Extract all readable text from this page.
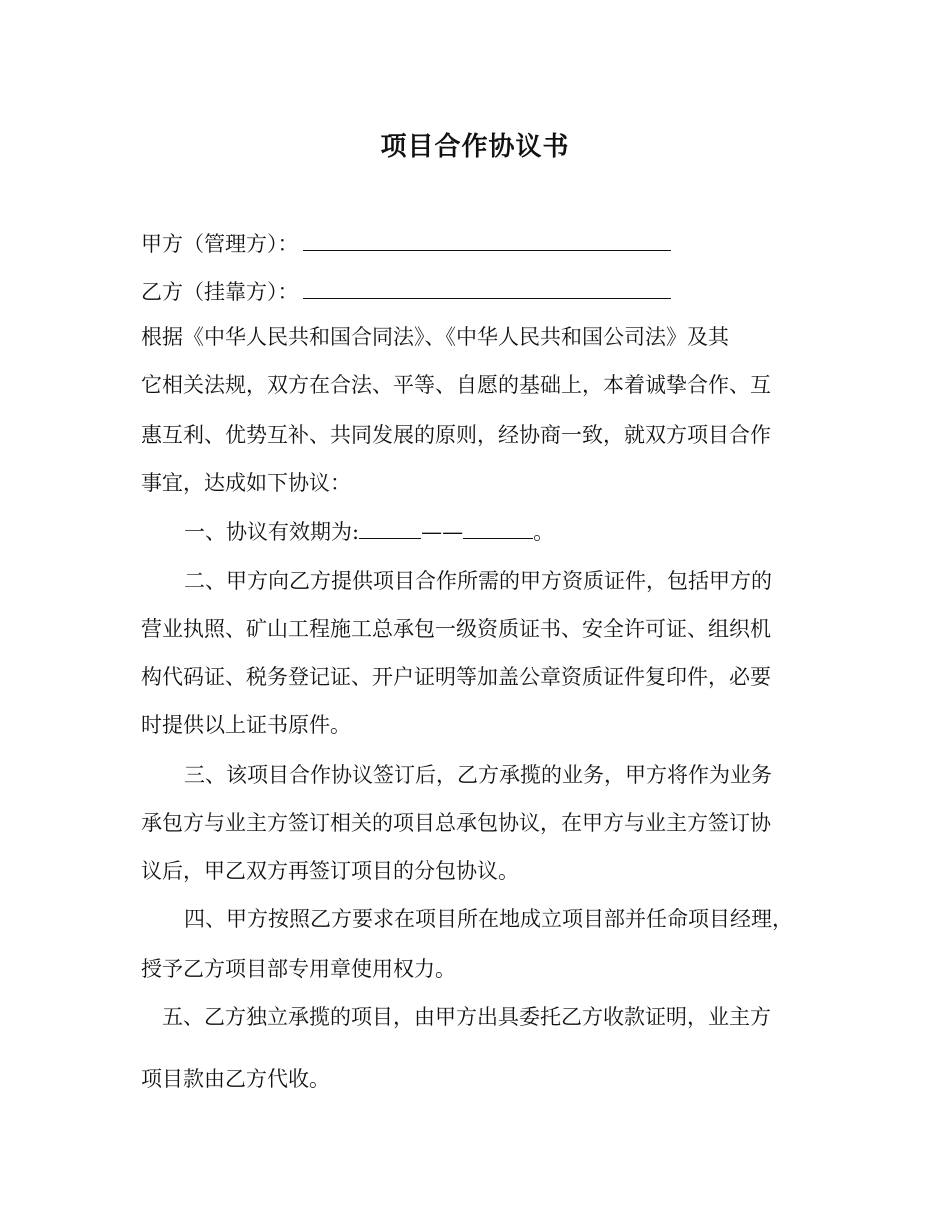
项目合作协议书
甲方（管理方）：
乙方（挂靠方）：
根据《中华人民共和国合同法》、《中华人民共和国公司法》及其
它相关法规，双方在合法、平等、自愿的基础上，本着诚挚合作、互
惠互利、优势互补、共同发展的原则，经协商一致，就双方项目合作
事宜，达成如下协议：
一、协议有效期为:	——	。
二、甲方向乙方提供项目合作所需的甲方资质证件，包括甲方的
营业执照、矿山工程施工总承包一级资质证书、安全许可证、组织机
构代码证、税务登记证、开户证明等加盖公章资质证件复印件，必要
时提供以上证书原件。
三、该项目合作协议签订后，乙方承揽的业务，甲方将作为业务
承包方与业主方签订相关的项目总承包协议，在甲方与业主方签订协
议后，甲乙双方再签订项目的分包协议。
四、甲方按照乙方要求在项目所在地成立项目部并任命项目经理，
授予乙方项目部专用章使用权力。
五、乙方独立承揽的项目，由甲方出具委托乙方收款证明，业主方
项目款由乙方代收。
